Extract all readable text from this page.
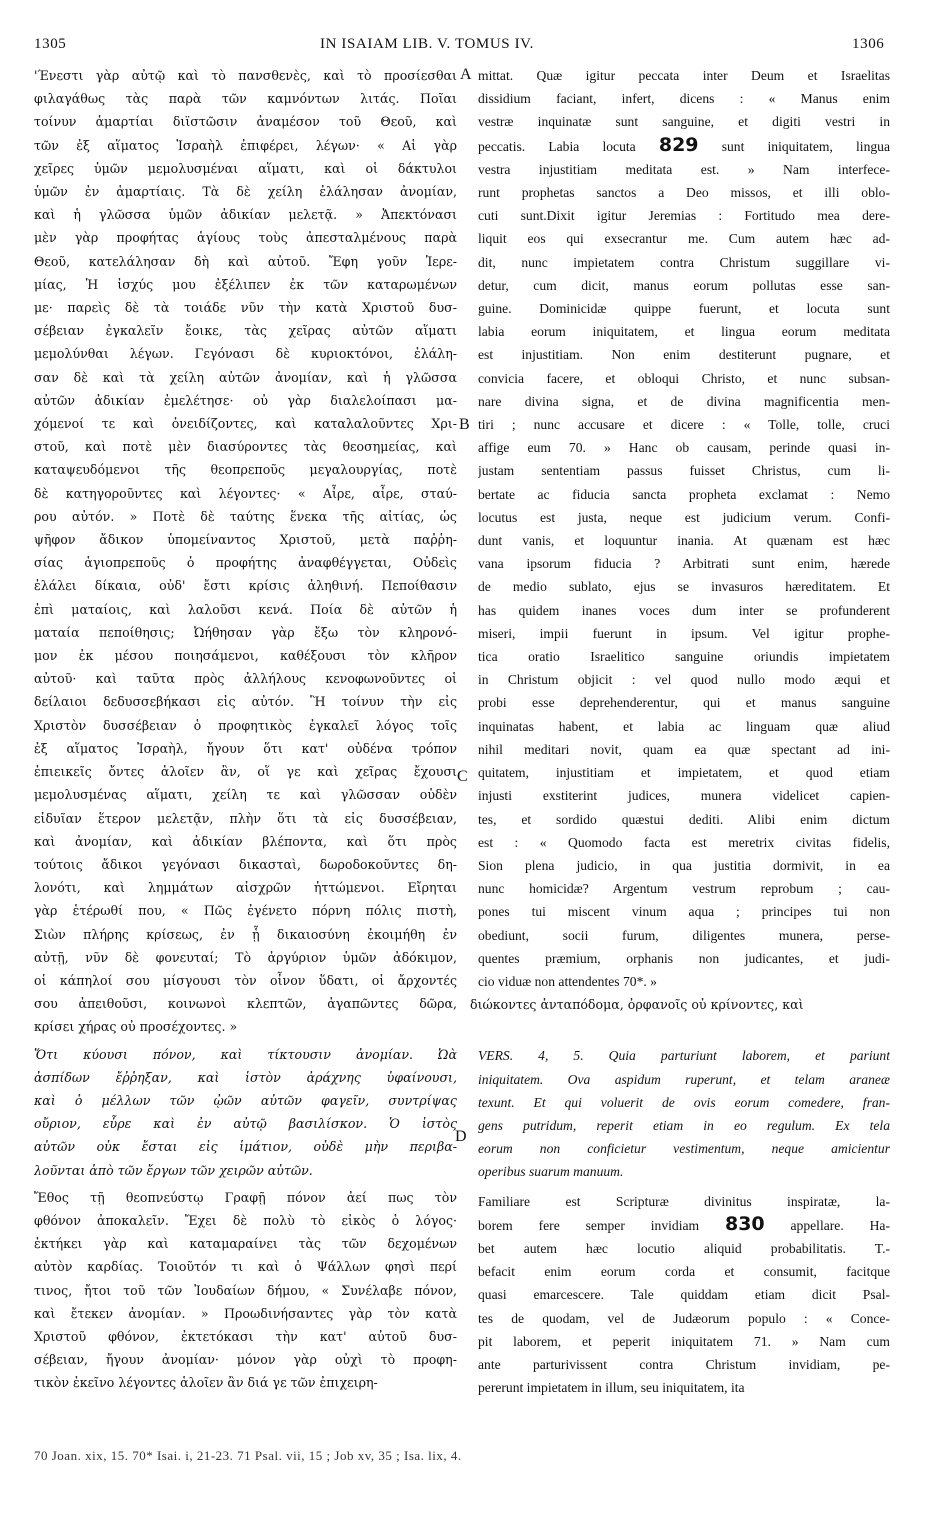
1305	IN ISAIAM LIB. V. TOMUS IV.	1306
'Ένεστι γὰρ αὐτῷ καὶ τὸ πανσθενὲς, καὶ τὸ προσίεσθαι
φιλαγάθως τὰς παρὰ τῶν καμνόντων λιτάς. Ποῖαι
τοίνυν ἁμαρτίαι διϊστῶσιν ἀναμέσον τοῦ Θεοῦ, καὶ
τῶν ἐξ αἵματος Ἰσραὴλ ἐπιφέρει, λέγων· « Αἱ γὰρ
χεῖρες ὑμῶν μεμολυσμέναι αἵματι, καὶ οἱ δάκτυλοι
ὑμῶν ἐν ἁμαρτίαις. Τὰ δὲ χείλη ἐλάλησαν ἀνομίαν,
καὶ ἡ γλῶσσα ὑμῶν ἀδικίαν μελετᾷ. » Ἀπεκτόνασι
μὲν γὰρ προφήτας ἁγίους τοὺς ἀπεσταλμένους παρὰ
Θεοῦ, κατελάλησαν δὴ καὶ αὐτοῦ. Ἔφη γοῦν Ἱερε-
μίας, Ἡ ἰσχύς μου ἐξέλιπεν ἐκ τῶν καταρωμένων
με· παρεὶς δὲ τὰ τοιάδε νῦν τὴν κατὰ Χριστοῦ δυσ-
σέβειαν ἐγκαλεῖν ἔοικε, τὰς χεῖρας αὐτῶν αἵματι
μεμολύνθαι λέγων. Γεγόνασι δὲ κυριοκτόνοι, ἐλάλη-
σαν δὲ καὶ τὰ χείλη αὐτῶν ἀνομίαν, καὶ ἡ γλῶσσα
αὐτῶν ἀδικίαν ἐμελέτησε· οὐ γὰρ διαλελοίπασι μα-
χόμενοί τε καὶ ὀνειδίζοντες, καὶ καταλαλοῦντες Χρι-
στοῦ, καὶ ποτὲ μὲν διασύροντες τὰς θεοσημείας, καὶ
καταψευδόμενοι τῆς θεοπρεποῦς μεγαλουργίας, ποτὲ
δὲ κατηγοροῦντες καὶ λέγοντες· « Αἶρε, αἶρε, σταύ-
ρου αὐτόν. » Ποτὲ δὲ ταύτης ἕνεκα τῆς αἰτίας, ὡς
ψῆφον ἄδικον ὑπομείναντος Χριστοῦ, μετὰ παῤῥη-
σίας ἁγιοπρεποῦς ὁ προφήτης ἀναφθέγγεται, Οὐδεὶς
ἐλάλει δίκαια, οὐδ' ἔστι κρίσις ἀληθινή. Πεποίθασιν
ἐπὶ ματαίοις, καὶ λαλοῦσι κενά. Ποία δὲ αὐτῶν ἡ
ματαία πεποίθησις; Ὠήθησαν γὰρ ἔξω τὸν κληρονό-
μον ἐκ μέσου ποιησάμενοι, καθέξουσι τὸν κλῆρον
αὐτοῦ· καὶ ταῦτα πρὸς ἀλλήλους κενοφωνοῦντες οἱ
δείλαιοι δεδυσσεβήκασι εἰς αὐτόν. Ἣ τοίνυν τὴν εἰς
Χριστὸν δυσσέβειαν ὁ προφητικὸς ἐγκαλεῖ λόγος τοῖς
ἐξ αἵματος Ἰσραὴλ, ἤγουν ὅτι κατ' οὐδένα τρόπον
ἐπιεικεῖς ὄντες ἁλοῖεν ἂν, οἵ γε καὶ χεῖρας ἔχουσι
μεμολυσμένας αἵματι, χείλη τε καὶ γλῶσσαν οὐδὲν
εἰδυῖαν ἕτερον μελετᾷν, πλὴν ὅτι τὰ εἰς δυσσέβειαν,
καὶ ἀνομίαν, καὶ ἀδικίαν βλέποντα, καὶ ὅτι πρὸς
τούτοις ἄδικοι γεγόνασι δικασταὶ, δωροδοκοῦντες δη-
λονότι, καὶ λημμάτων αἰσχρῶν ἡττώμενοι. Εἴρηται
γὰρ ἑτέρωθί που, « Πῶς ἐγένετο πόρνη πόλις πιστὴ,
Σιὼν πλήρης κρίσεως, ἐν ᾗ δικαιοσύνη ἐκοιμήθη ἐν
αὐτῇ, νῦν δὲ φονευταί; Τὸ ἀργύριον ὑμῶν ἀδόκιμον,
οἱ κάπηλοί σου μίσγουσι τὸν οἶνον ὕδατι, οἱ ἄρχοντές
σου ἀπειθοῦσι, κοινωνοὶ κλεπτῶν, ἀγαπῶντες δῶρα,
κρίσει χήρας οὐ προσέχοντες. »
Ὅτι κύουσι πόνον, καὶ τίκτουσιν ἀνομίαν. Ὠὰ
ἀσπίδων ἔῤῥηξαν, καὶ ἱστὸν ἀράχνης ὑφαίνουσι,
καὶ ὁ μέλλων τῶν ᾠῶν αὐτῶν φαγεῖν, συντρίψας
οὔριον, εὗρε καὶ ἐν αὐτῷ βασιλίσκον. Ὁ ἱστὸς
αὐτῶν οὐκ ἔσται εἰς ἱμάτιον, οὐδὲ μὴν περιβα-
λοῦνται ἀπὸ τῶν ἔργων τῶν χειρῶν αὐτῶν.
Ἔθος τῇ θεοπνεύστῳ Γραφῇ πόνον ἀεί πως τὸν
φθόνον ἀποκαλεῖν. Ἔχει δὲ πολὺ τὸ εἰκὸς ὁ λόγος·
ἐκτήκει γὰρ καὶ καταμαραίνει τὰς τῶν δεχομένων
αὐτὸν καρδίας. Τοιοῦτόν τι καὶ ὁ Ψάλλων φησὶ περί
τινος, ἤτοι τοῦ τῶν Ἰουδαίων δήμου, « Συνέλαβε πόνον,
καὶ ἔτεκεν ἀνομίαν. » Προωδινήσαντες γὰρ τὸν κατὰ
Χριστοῦ φθόνον, ἐκτετόκασι τὴν κατ' αὐτοῦ δυσ-
σέβειαν, ἤγουν ἀνομίαν· μόνον γὰρ οὐχὶ τὸ προφη-
τικὸν ἐκεῖνο λέγοντες ἁλοῖεν ἂν διά γε τῶν ἐπιχειρη-
mittat. Quæ igitur peccata inter Deum et Israelitas
dissidium faciant, infert, dicens : « Manus enim
vestræ inquinatæ sunt sanguine, et digiti vestri in
peccatis. Labia locuta 829 sunt iniquitatem, lingua
vestra injustitiam meditata est. » Nam interfece-
runt prophetas sanctos a Deo missos, et illi oblo-
cuti sunt.Dixit igitur Jeremias : Fortitudo mea dere-
liquit eos qui exsecrantur me. Cum autem hæc ad-
dit, nunc impietatem contra Christum suggillare vi-
detur, cum dicit, manus eorum pollutas esse san-
guine. Dominicidæ quippe fuerunt, et locuta sunt
labia eorum iniquitatem, et lingua eorum meditata
est injustitiam. Non enim destiterunt pugnare, et
convicia facere, et obloqui Christo, et nunc subsan-
nare divina signa, et de divina magnificentia men-
tiri ; nunc accusare et dicere : « Tolle, tolle, cruci
affige eum 70. » Hanc ob causam, perinde quasi in-
justam sententiam passus fuisset Christus, cum li-
bertate ac fiducia sancta propheta exclamat : Nemo
locutus est justa, neque est judicium verum. Confi-
dunt vanis, et loquuntur inania. At quænam est hæc
vana ipsorum fiducia ? Arbitrati sunt enim, hærede
de medio sublato, ejus se invasuros hæreditatem. Et
has quidem inanes voces dum inter se profunderent
miseri, impii fuerunt in ipsum. Vel igitur prophe-
tica oratio Israelitico sanguine oriundis impietatem
in Christum objicit : vel quod nullo modo æqui et
probi esse deprehenderentur, qui et manus sanguine
inquinatas habent, et labia ac linguam quæ aliud
nihil meditari novit, quam ea quæ spectant ad ini-
quitatem, injustitiam et impietatem, et quod etiam
injusti exstiterint judices, munera videlicet capien-
tes, et sordido quæstui dediti. Alibi enim dictum
est : « Quomodo facta est meretrix civitas fidelis,
Sion plena judicio, in qua justitia dormivit, in ea
nunc homicidæ? Argentum vestrum reprobum ; cau-
pones tui miscent vinum aqua ; principes tui non
obediunt, socii furum, diligentes munera, perse-
quentes præmium, orphanis non judicantes, et judi-
cio viduæ non attendentes 70*. »
διώκοντες ἀνταπόδομα, ὀρφανοῖς οὐ κρίνοντες, καὶ
VERS. 4, 5. Quia parturiunt laborem, et pariunt
iniquitatem. Ova aspidum ruperunt, et telam araneæ
texunt. Et qui voluerit de ovis eorum comedere, fran-
gens putridum, reperit etiam in eo regulum. Ex tela
eorum non conficietur vestimentum, neque amicientur
operibus suarum manuum.
Familiare est Scripturæ divinitus inspiratæ, la-
borem fere semper invidiam 830 appellare. Ha-
bet autem hæc locutio aliquid probabilitatis. T.-
befacit enim eorum corda et consumit, facitque
quasi emarcescere. Tale quiddam etiam dicit Psal-
tes de quodam, vel de Judæorum populo : « Conce-
pit laborem, et peperit iniquitatem 71. » Nam cum
ante parturivissent contra Christum invidiam, pe-
pererunt impietatem in illum, seu iniquitatem, ita
A
B
C
D
70 Joan. xix, 15. 70* Isai. i, 21-23. 71 Psal. vii, 15 ; Job xv, 35 ; Isa. lix, 4.
